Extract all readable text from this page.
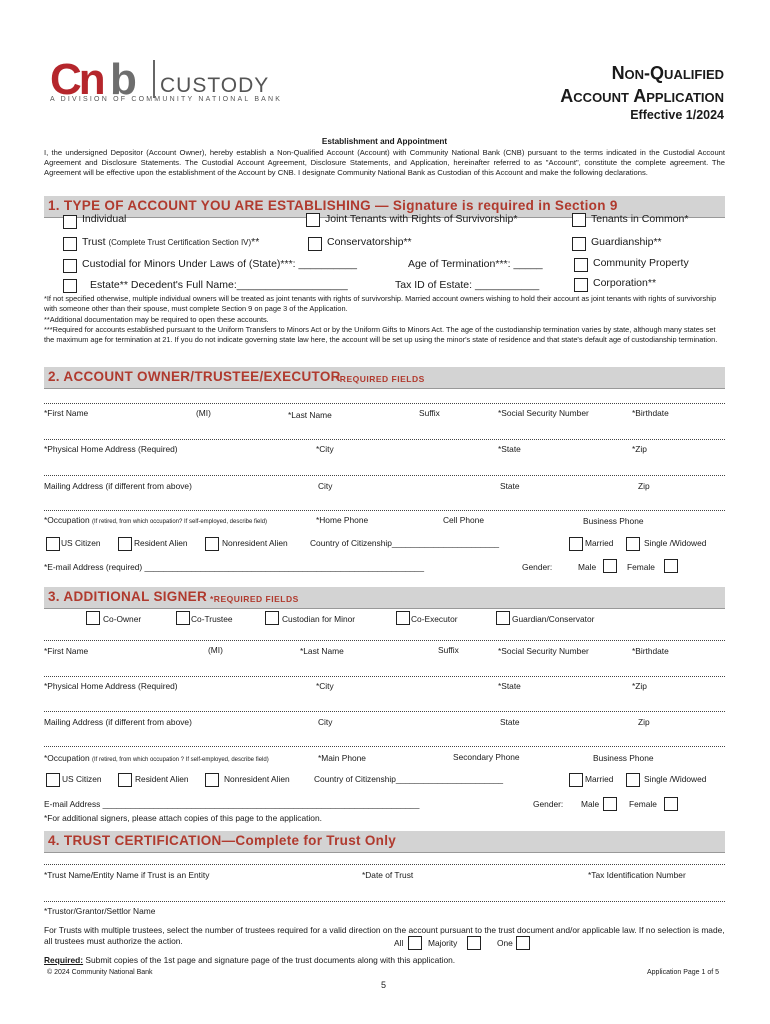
Cn b CUSTODY
A DIVISION OF COMMUNITY NATIONAL BANK
Non-Qualified
Account Application
Effective 1/2024
Establishment and Appointment
I, the undersigned Depositor (Account Owner), hereby establish a Non-Qualified Account (Account) with Community National Bank (CNB) pursuant to the terms indicated in the Custodial Account Agreement and Disclosure Statements. The Custodial Account Agreement, Disclosure Statements, and Application, hereinafter referred to as "Account", constitute the complete agreement. The Agreement will be effective upon the establishment of the Account by CNB. I designate Community National Bank as Custodian of this Account and make the following declarations.
1. TYPE OF ACCOUNT YOU ARE ESTABLISHING — Signature is required in Section 9
Individual	Joint Tenants with Rights of Survivorship*	Tenants in Common*
Trust (Complete Trust Certification Section IV)**	Conservatorship**	Guardianship**
Custodial for Minors Under Laws of (State)***: __________	Age of Termination***: _____	Community Property
Estate** Decedent's Full Name:___________________	Tax ID of Estate: ___________	Corporation**
*If not specified otherwise, multiple individual owners will be treated as joint tenants with rights of survivorship. Married account owners wishing to hold their account as joint tenants with rights of survivorship with someone other than their spouse, must complete Section 9 on page 3 of the Application.
**Additional documentation may be required to open these accounts.
***Required for accounts established pursuant to the Uniform Transfers to Minors Act or by the Uniform Gifts to Minors Act. The age of the custodianship termination varies by state, although many states set the maximum age for termination at 21. If you do not indicate governing state law here, the account will be set up using the minor's state of residence and that state's default age of custodianship termination.
2. ACCOUNT OWNER/TRUSTEE/EXECUTOR
*REQUIRED FIELDS
*First Name	(MI)	*Last Name	Suffix	*Social Security Number	*Birthdate
*Physical Home Address (Required)	*City	*State	*Zip
Mailing Address (if different from above)	City	State	Zip
*Occupation (If retired, from which occupation? If self-employed, describe field)	*Home Phone	Cell Phone	Business Phone
US Citizen	Resident Alien	Nonresident Alien	Country of Citizenship_______________________	Married	Single /Widowed
*E-mail Address (required) ____________________________________________________________	Gender:	Male	Female
3. ADDITIONAL SIGNER *REQUIRED FIELDS
Co-Owner	Co-Trustee	Custodian for Minor	Co-Executor	Guardian/Conservator
*First Name	(MI)	*Last Name	Suffix	*Social Security Number	*Birthdate
*Physical Home Address (Required)	*City	*State	*Zip
Mailing Address (if different from above)	City	State	Zip
*Occupation (If retired, from which occupation ? If self-employed, describe field)	*Main Phone	Secondary Phone	Business Phone
US Citizen	Resident Alien	Nonresident Alien	Country of Citizenship_______________________	Married	Single /Widowed
E-mail Address ____________________________________________________________________	Gender: Male	Female
*For additional signers, please attach copies of this page to the application.
4. TRUST CERTIFICATION—Complete for Trust Only
*Trust Name/Entity Name if Trust is an Entity	*Date of Trust	*Tax Identification Number
*Trustor/Grantor/Settlor Name
For Trusts with multiple trustees, select the number of trustees required for a valid direction on the account pursuant to the trust document and/or applicable law. If no selection is made, all trustees must authorize the action.	All	Majority	One
Required: Submit copies of the 1st page and signature page of the trust documents along with this application.
© 2024 Community National Bank	Application Page 1 of 5
5
